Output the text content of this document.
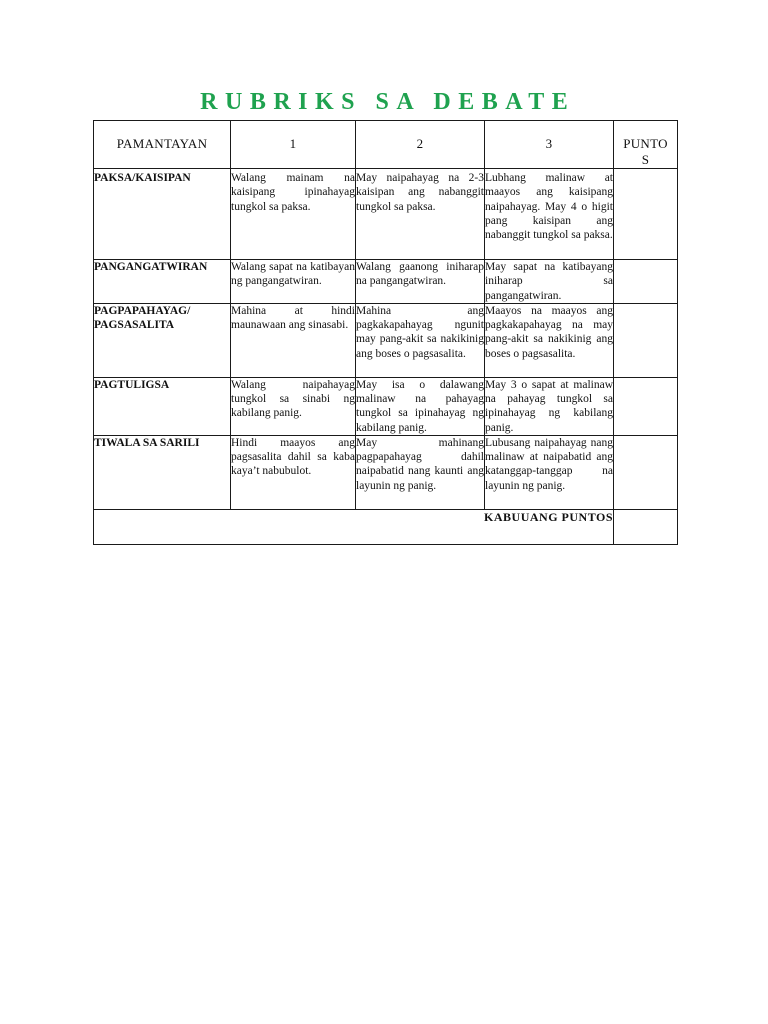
RUBRIKS SA DEBATE
PAMANTAYAN	1	2	3	PUNTOS

PAKSA/KAISIPAN	Walang mainam na kaisipang ipinahayag tungkol sa paksa.	May naipahayag na 2-3 kaisipan ang nabanggit tungkol sa paksa.	Lubhang malinaw at maayos ang kaisipang naipahayag. May 4 o higit pang kaisipan ang nabanggit tungkol sa paksa.	
PANGANGATWIRAN	Walang sapat na katibayan ng pangangatwiran.	Walang gaanong iniharap na pangangatwiran.	May sapat na katibayang iniharap sa pangangatwiran.	
PAGPAPAHAYAG/ PAGSASALITA	Mahina at hindi maunawaan ang sinasabi.	Mahina ang pagkakapahayag ngunit may pang-akit sa nakikinig ang boses o pagsasalita.	Maayos na maayos ang pagkakapahayag na may pang-akit sa nakikinig ang boses o pagsasalita.	
PAGTULIGSA	Walang naipahayag tungkol sa sinabi ng kabilang panig.	May isa o dalawang malinaw na pahayag tungkol sa ipinahayag ng kabilang panig.	May 3 o sapat at malinaw na pahayag tungkol sa ipinahayag ng kabilang panig.	
TIWALA SA SARILI	Hindi maayos ang pagsasalita dahil sa kaba kaya’t nabubulot.	May mahinang pagpapahayag dahil naipabatid nang kaunti ang layunin ng panig.	Lubusang naipahayag nang malinaw at naipabatid ang katanggap-tanggap na layunin ng panig.	
KABUUANG PUNTOS				
